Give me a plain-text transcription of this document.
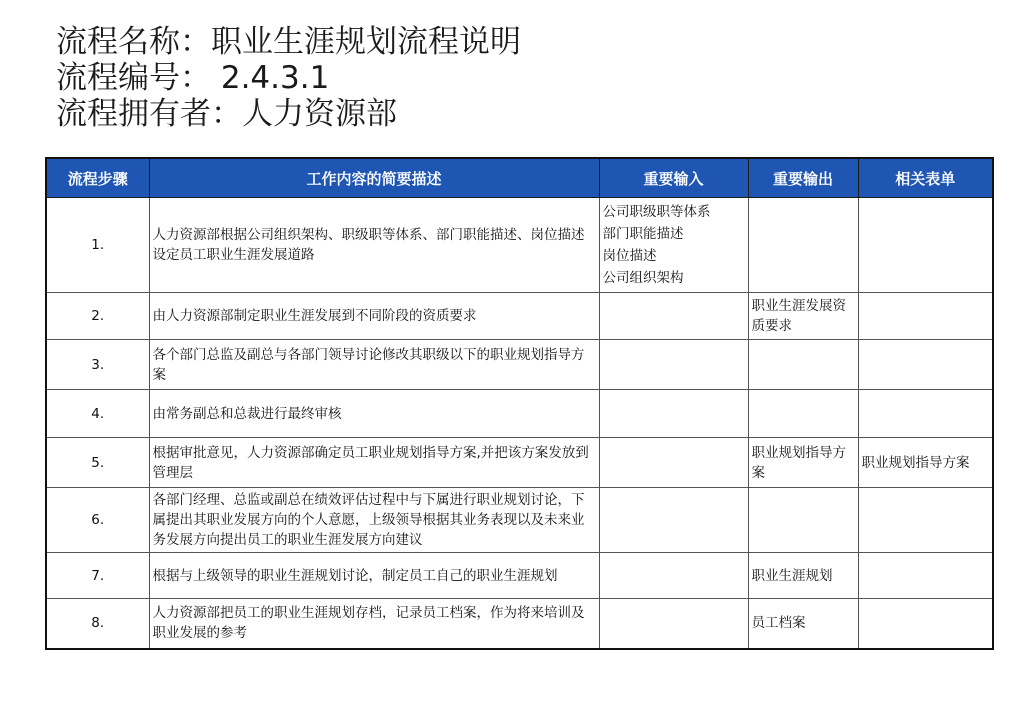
流程名称：职业生涯规划流程说明
流程编号： 2.4.3.1
流程拥有者：人力资源部
流程步骤	工作内容的简要描述	重要输入	重要输出	相关表单
1.	人力资源部根据公司组织架构、职级职等体系、部门职能描述、岗位描述设定员工职业生涯发展道路	公司职级职等体系
部门职能描述
岗位描述
公司组织架构		

2.	由人力资源部制定职业生涯发展到不同阶段的资质要求		职业生涯发展资质要求	
3.	各个部门总监及副总与各部门领导讨论修改其职级以下的职业规划指导方案			
4.	由常务副总和总裁进行最终审核			
5.	根据审批意见，人力资源部确定员工职业规划指导方案,并把该方案发放到管理层		职业规划指导方案	职业规划指导方案
6.	各部门经理、总监或副总在绩效评估过程中与下属进行职业规划讨论，下属提出其职业发展方向的个人意愿，上级领导根据其业务表现以及未来业务发展方向提出员工的职业生涯发展方向建议			
7.	根据与上级领导的职业生涯规划讨论，制定员工自己的职业生涯规划		职业生涯规划	
8.	人力资源部把员工的职业生涯规划存档，记录员工档案，作为将来培训及职业发展的参考		员工档案	
